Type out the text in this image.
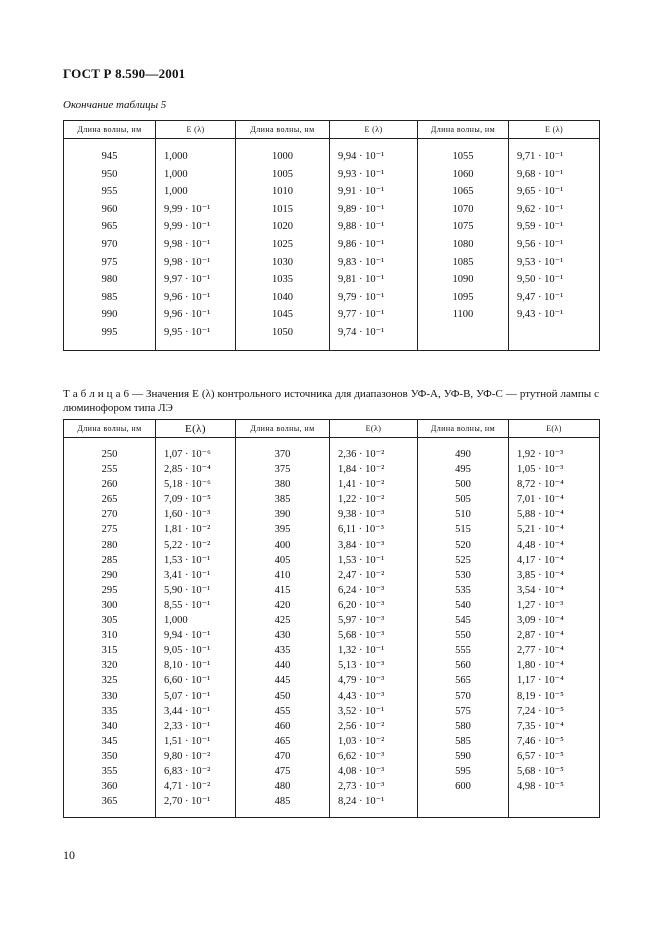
ГОСТ Р 8.590—2001
Окончание таблицы 5
Длина волны, нм	E (λ)	Длина волны, нм	E (λ)	Длина волны, нм	E (λ)

945	1,000	1000	9,94 · 10⁻¹	1055	9,71 · 10⁻¹
950	1,000	1005	9,93 · 10⁻¹	1060	9,68 · 10⁻¹
955	1,000	1010	9,91 · 10⁻¹	1065	9,65 · 10⁻¹
960	9,99 · 10⁻¹	1015	9,89 · 10⁻¹	1070	9,62 · 10⁻¹
965	9,99 · 10⁻¹	1020	9,88 · 10⁻¹	1075	9,59 · 10⁻¹
970	9,98 · 10⁻¹	1025	9,86 · 10⁻¹	1080	9,56 · 10⁻¹
975	9,98 · 10⁻¹	1030	9,83 · 10⁻¹	1085	9,53 · 10⁻¹
980	9,97 · 10⁻¹	1035	9,81 · 10⁻¹	1090	9,50 · 10⁻¹
985	9,96 · 10⁻¹	1040	9,79 · 10⁻¹	1095	9,47 · 10⁻¹
990	9,96 · 10⁻¹	1045	9,77 · 10⁻¹	1100	9,43 · 10⁻¹
995	9,95 · 10⁻¹	1050	9,74 · 10⁻¹		

Т а б л и ц а 6 — Значения E (λ) контрольного источника для диапазонов УФ-А, УФ-В, УФ-С — ртутной лампы с люминофором типа ЛЭ
Длина волны, нм	E(λ)	Длина волны, нм	E(λ)	Длина волны, нм	E(λ)

250	1,07 · 10⁻⁶	370	2,36 · 10⁻²	490	1,92 · 10⁻³
255	2,85 · 10⁻⁴	375	1,84 · 10⁻²	495	1,05 · 10⁻³
260	5,18 · 10⁻⁶	380	1,41 · 10⁻²	500	8,72 · 10⁻⁴
265	7,09 · 10⁻⁵	385	1,22 · 10⁻²	505	7,01 · 10⁻⁴
270	1,60 · 10⁻³	390	9,38 · 10⁻³	510	5,88 · 10⁻⁴
275	1,81 · 10⁻²	395	6,11 · 10⁻³	515	5,21 · 10⁻⁴
280	5,22 · 10⁻²	400	3,84 · 10⁻³	520	4,48 · 10⁻⁴
285	1,53 · 10⁻¹	405	1,53 · 10⁻¹	525	4,17 · 10⁻⁴
290	3,41 · 10⁻¹	410	2,47 · 10⁻²	530	3,85 · 10⁻⁴
295	5,90 · 10⁻¹	415	6,24 · 10⁻³	535	3,54 · 10⁻⁴
300	8,55 · 10⁻¹	420	6,20 · 10⁻³	540	1,27 · 10⁻³
305	1,000	425	5,97 · 10⁻³	545	3,09 · 10⁻⁴
310	9,94 · 10⁻¹	430	5,68 · 10⁻³	550	2,87 · 10⁻⁴
315	9,05 · 10⁻¹	435	1,32 · 10⁻¹	555	2,77 · 10⁻⁴
320	8,10 · 10⁻¹	440	5,13 · 10⁻³	560	1,80 · 10⁻⁴
325	6,60 · 10⁻¹	445	4,79 · 10⁻³	565	1,17 · 10⁻⁴
330	5,07 · 10⁻¹	450	4,43 · 10⁻³	570	8,19 · 10⁻⁵
335	3,44 · 10⁻¹	455	3,52 · 10⁻¹	575	7,24 · 10⁻⁵
340	2,33 · 10⁻¹	460	2,56 · 10⁻²	580	7,35 · 10⁻⁴
345	1,51 · 10⁻¹	465	1,03 · 10⁻²	585	7,46 · 10⁻⁵
350	9,80 · 10⁻²	470	6,62 · 10⁻³	590	6,57 · 10⁻⁵
355	6,83 · 10⁻²	475	4,08 · 10⁻³	595	5,68 · 10⁻⁵
360	4,71 · 10⁻²	480	2,73 · 10⁻³	600	4,98 · 10⁻⁵
365	2,70 · 10⁻¹	485	8,24 · 10⁻¹		

10
